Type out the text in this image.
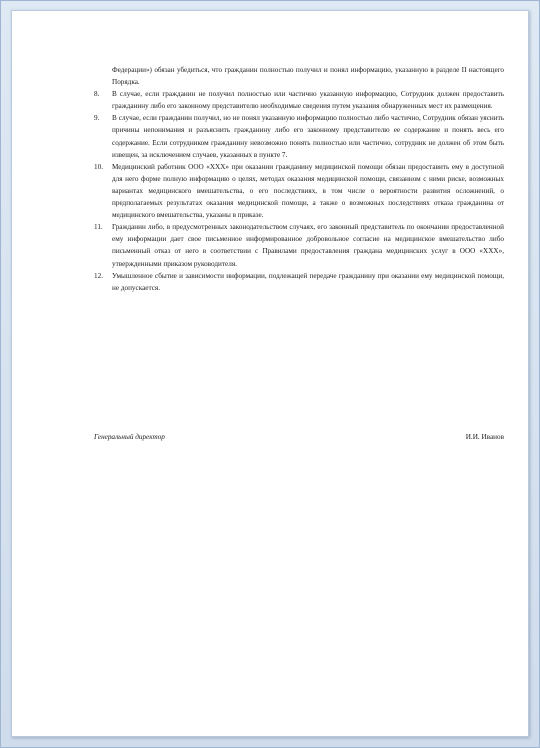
Федерации») обязан убедиться, что гражданин полностью получил и понял информацию, указанную в разделе II настоящего Порядка.

8. В случае, если гражданин не получил полностью или частично указанную информацию, Сотрудник должен предоставить гражданину либо его законному представителю необходимые сведения путем указания обнаруженных мест их размещения.

9. В случае, если гражданин получил, но не понял указанную информацию полностью либо частично, Сотрудник обязан уяснить причины непонимания и разъяснить гражданину либо его законному представителю ее содержание и понять весь его содержание. Если сотрудником гражданину невозможно понять полностью или частично, сотрудник не должен об этом быть извещен, за исключением случаев, указанных в пункте 7.

10. Медицинский работник ООО «ХХХ» при оказании гражданину медицинской помощи обязан предоставить ему в доступной для него форме полную информацию о целях, методах оказания медицинской помощи, связанном с ними риске, возможных вариантах медицинского вмешательства, о его последствиях, в том числе о вероятности развития осложнений, о предполагаемых результатах оказания медицинской помощи, а также о возможных последствиях отказа гражданина от медицинского вмешательства, указаны в приказе.

11. Гражданин либо, в предусмотренных законодательством случаях, его законный представитель по окончании предоставленной ему информации дает свое письменное информированное добровольное согласие на медицинское вмешательство либо письменный отказ от него в соответствии с Правилами предоставления граждана медицинских услуг в ООО «ХХХ», утвержденными приказом руководителя.

12. Умышленное сбытие и зависимости информации, подлежащей передаче гражданину при оказании ему медицинской помощи, не допускается.

Генеральный директор	И.И. Иванов
